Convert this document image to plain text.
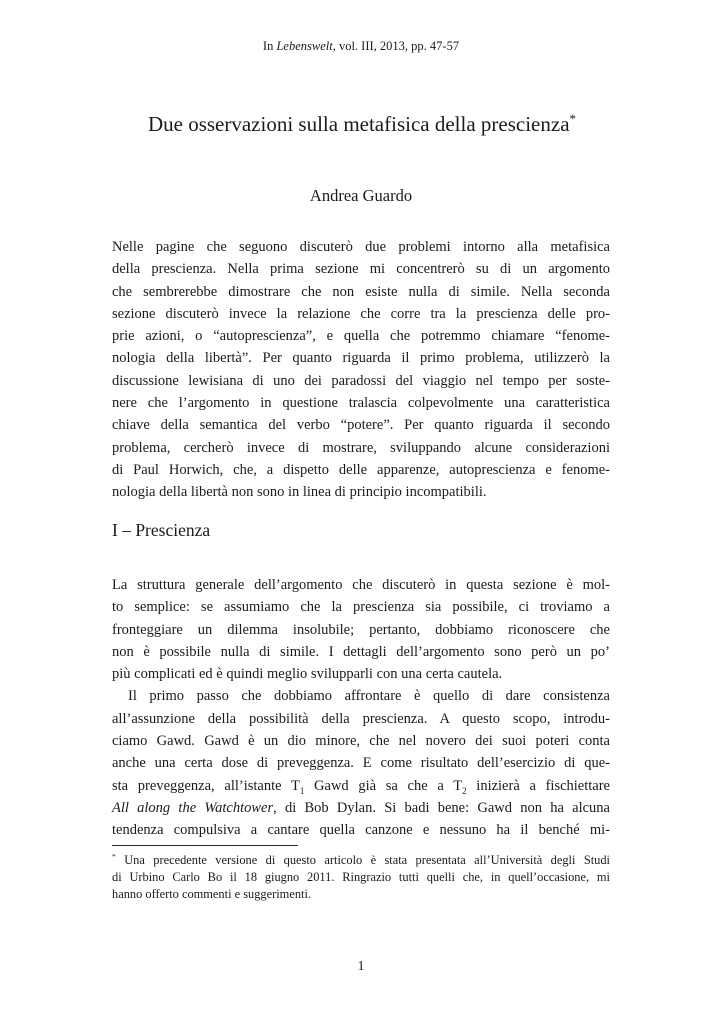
In Lebenswelt, vol. III, 2013, pp. 47-57
Due osservazioni sulla metafisica della prescienza*
Andrea Guardo
Nelle pagine che seguono discuterò due problemi intorno alla metafisica
della prescienza. Nella prima sezione mi concentrerò su di un argomento
che sembrerebbe dimostrare che non esiste nulla di simile. Nella seconda
sezione discuterò invece la relazione che corre tra la prescienza delle pro-
prie azioni, o “autoprescienza”, e quella che potremmo chiamare “fenome-
nologia della libertà”. Per quanto riguarda il primo problema, utilizzerò la
discussione lewisiana di uno dei paradossi del viaggio nel tempo per soste-
nere che l’argomento in questione tralascia colpevolmente una caratteristica
chiave della semantica del verbo “potere”. Per quanto riguarda il secondo
problema, cercherò invece di mostrare, sviluppando alcune considerazioni
di Paul Horwich, che, a dispetto delle apparenze, autoprescienza e fenome-
nologia della libertà non sono in linea di principio incompatibili.
I – Prescienza
La struttura generale dell’argomento che discuterò in questa sezione è mol-
to semplice: se assumiamo che la prescienza sia possibile, ci troviamo a
fronteggiare un dilemma insolubile; pertanto, dobbiamo riconoscere che
non è possibile nulla di simile. I dettagli dell’argomento sono però un po’
più complicati ed è quindi meglio svilupparli con una certa cautela.
Il primo passo che dobbiamo affrontare è quello di dare consistenza
all’assunzione della possibilità della prescienza. A questo scopo, introdu-
ciamo Gawd. Gawd è un dio minore, che nel novero dei suoi poteri conta
anche una certa dose di preveggenza. E come risultato dell’esercizio di que-
sta preveggenza, all’istante $T_1$ Gawd già sa che a $T_2$ inizierà a fischiettare
All along the Watchtower, di Bob Dylan. Si badi bene: Gawd non ha alcuna
tendenza compulsiva a cantare quella canzone e nessuno ha il benché mi-
* Una precedente versione di questo articolo è stata presentata all’Università degli Studi
di Urbino Carlo Bo il 18 giugno 2011. Ringrazio tutti quelli che, in quell’occasione, mi
hanno offerto commenti e suggerimenti.
1
